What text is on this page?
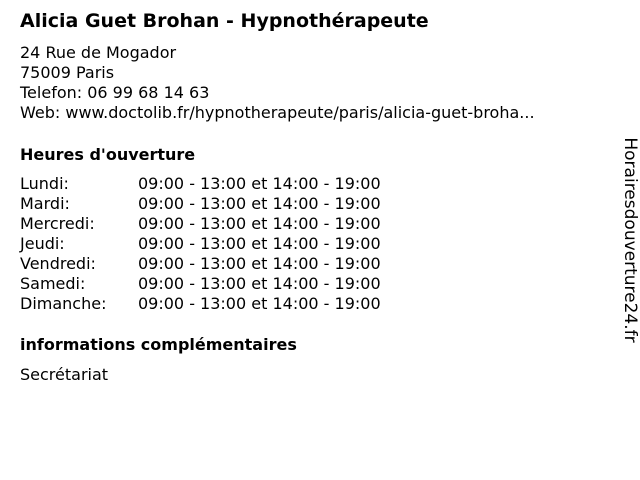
Alicia Guet Brohan - Hypnothérapeute
24 Rue de Mogador
75009 Paris
Telefon: 06 99 68 14 63
Web: www.doctolib.fr/hypnotherapeute/paris/alicia-guet-broha...
Heures d'ouverture
Lundi:	09:00 - 13:00 et 14:00 - 19:00
Mardi:	09:00 - 13:00 et 14:00 - 19:00
Mercredi:	09:00 - 13:00 et 14:00 - 19:00
Jeudi:	09:00 - 13:00 et 14:00 - 19:00
Vendredi:	09:00 - 13:00 et 14:00 - 19:00
Samedi:	09:00 - 13:00 et 14:00 - 19:00
Dimanche:	09:00 - 13:00 et 14:00 - 19:00
informations complémentaires
Secrétariat
Horairesdouverture24.fr
